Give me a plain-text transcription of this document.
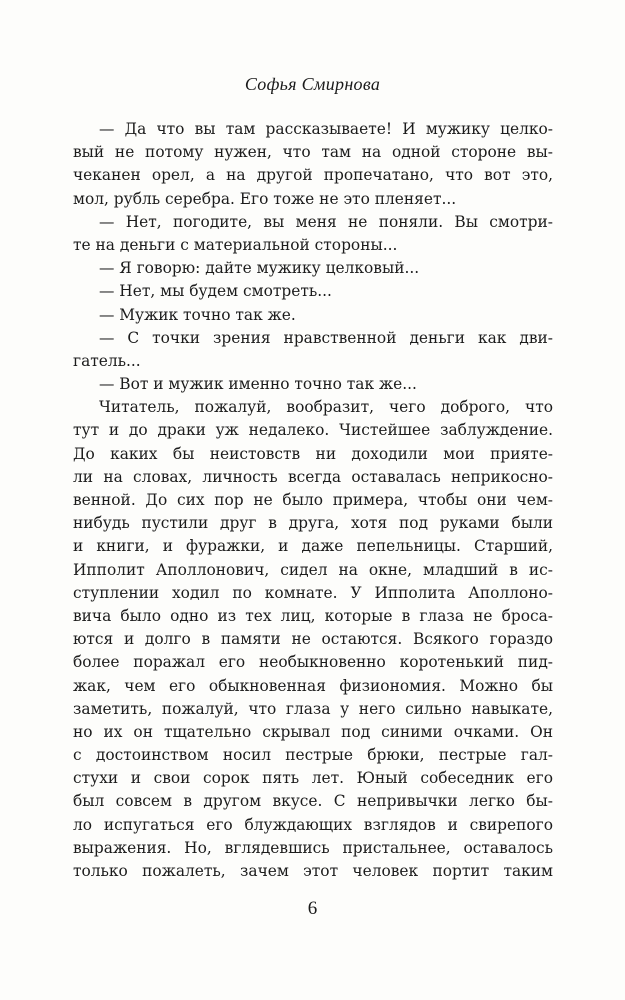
Софья Смирнова
— Да что вы там рассказываете! И мужику целко-
вый не потому нужен, что там на одной стороне вы-
чеканен орел, а на другой пропечатано, что вот это,
мол, рубль серебра. Его тоже не это пленяет...
— Нет, погодите, вы меня не поняли. Вы смотри-
те на деньги с материальной стороны...
— Я говорю: дайте мужику целковый...
— Нет, мы будем смотреть...
— Мужик точно так же.
— С точки зрения нравственной деньги как дви-
гатель...
— Вот и мужик именно точно так же...
Читатель, пожалуй, вообразит, чего доброго, что
тут и до драки уж недалеко. Чистейшее заблуждение.
До каких бы неистовств ни доходили мои прияте-
ли на словах, личность всегда оставалась неприкосно-
венной. До сих пор не было примера, чтобы они чем-
нибудь пустили друг в друга, хотя под руками были
и книги, и фуражки, и даже пепельницы. Старший,
Ипполит Аполлонович, сидел на окне, младший в ис-
ступлении ходил по комнате. У Ипполита Аполлоно-
вича было одно из тех лиц, которые в глаза не броса-
ются и долго в памяти не остаются. Всякого гораздо
более поражал его необыкновенно коротенький пид-
жак, чем его обыкновенная физиономия. Можно бы
заметить, пожалуй, что глаза у него сильно навыкате,
но их он тщательно скрывал под синими очками. Он
с достоинством носил пестрые брюки, пестрые гал-
стухи и свои сорок пять лет. Юный собеседник его
был совсем в другом вкусе. С непривычки легко бы-
ло испугаться его блуждающих взглядов и свирепого
выражения. Но, вглядевшись пристальнее, оставалось
только пожалеть, зачем этот человек портит таким
6
